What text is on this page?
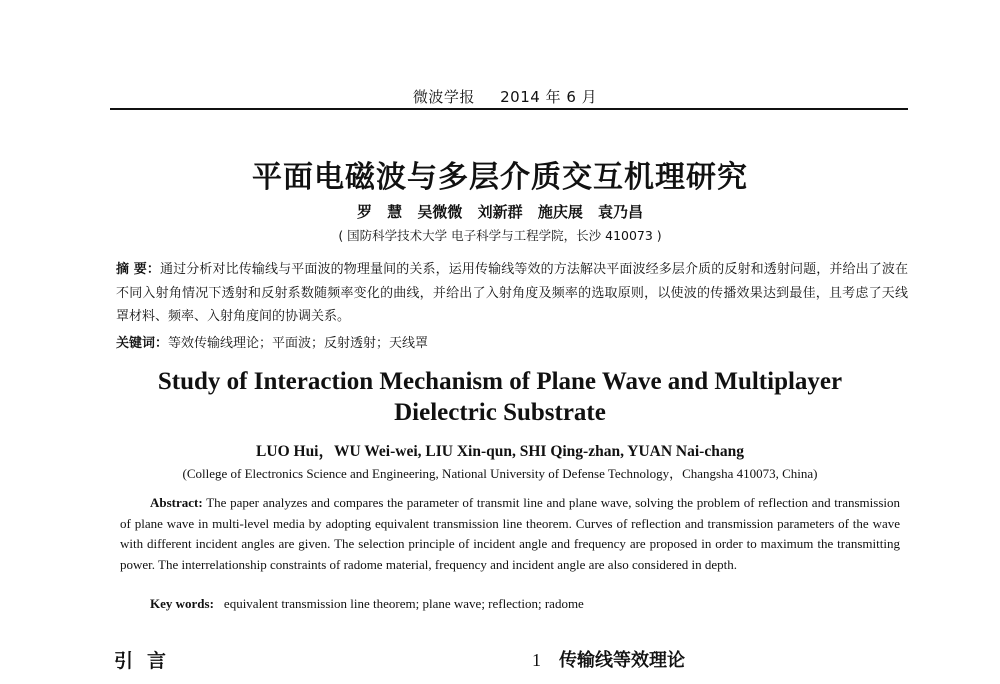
微波学报 2014 年 6 月
平面电磁波与多层介质交互机理研究
罗 慧 吴微微 刘新群 施庆展 袁乃昌
( 国防科学技术大学 电子科学与工程学院，长沙 410073 )
摘 要：通过分析对比传输线与平面波的物理量间的关系，运用传输线等效的方法解决平面波经多层介质的反射和透射问题，并给出了波在不同入射角情况下透射和反射系数随频率变化的曲线，并给出了入射角度及频率的选取原则，以使波的传播效果达到最佳，且考虑了天线罩材料、频率、入射角度间的协调关系。
关键词：等效传输线理论；平面波；反射透射；天线罩
Study of Interaction Mechanism of Plane Wave and Multiplayer
Dielectric Substrate
LUO Hui，WU Wei-wei, LIU Xin-qun, SHI Qing-zhan, YUAN Nai-chang
(College of Electronics Science and Engineering, National University of Defense Technology，Changsha 410073, China)
Abstract: The paper analyzes and compares the parameter of transmit line and plane wave, solving the problem of reflection and transmission of plane wave in multi-level media by adopting equivalent transmission line theorem. Curves of reflection and transmission parameters of the wave with different incident angles are given. The selection principle of incident angle and frequency are proposed in order to maximum the transmitting power. The interrelationship constraints of radome material, frequency and incident angle are also considered in depth.
Key words: equivalent transmission line theorem; plane wave; reflection; radome
引言	1 传输线等效理论
